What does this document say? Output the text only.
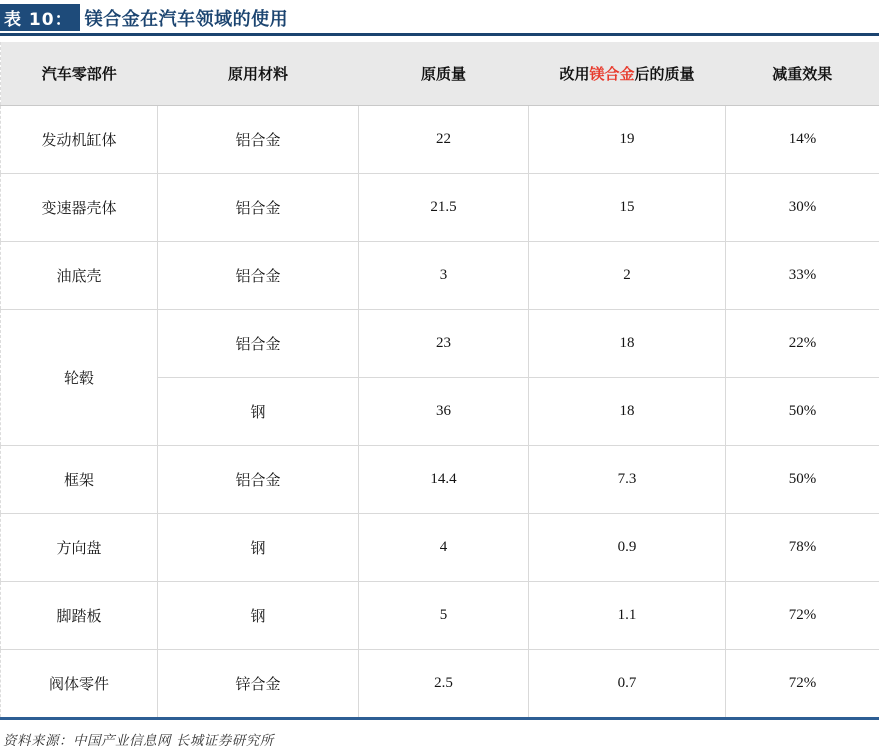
表 10： 镁合金在汽车领域的使用
汽车零部件	原用材料	原质量	改用镁合金后的质量	减重效果
发动机缸体	铝合金	22	19	14%
变速器壳体	铝合金	21.5	15	30%
油底壳	铝合金	3	2	33%
轮毂	铝合金	23	18	22%
	钢	36	18	50%
框架	铝合金	14.4	7.3	50%
方向盘	钢	4	0.9	78%
脚踏板	钢	5	1.1	72%
阀体零件	锌合金	2.5	0.7	72%
资料来源：中国产业信息网 长城证券研究所
